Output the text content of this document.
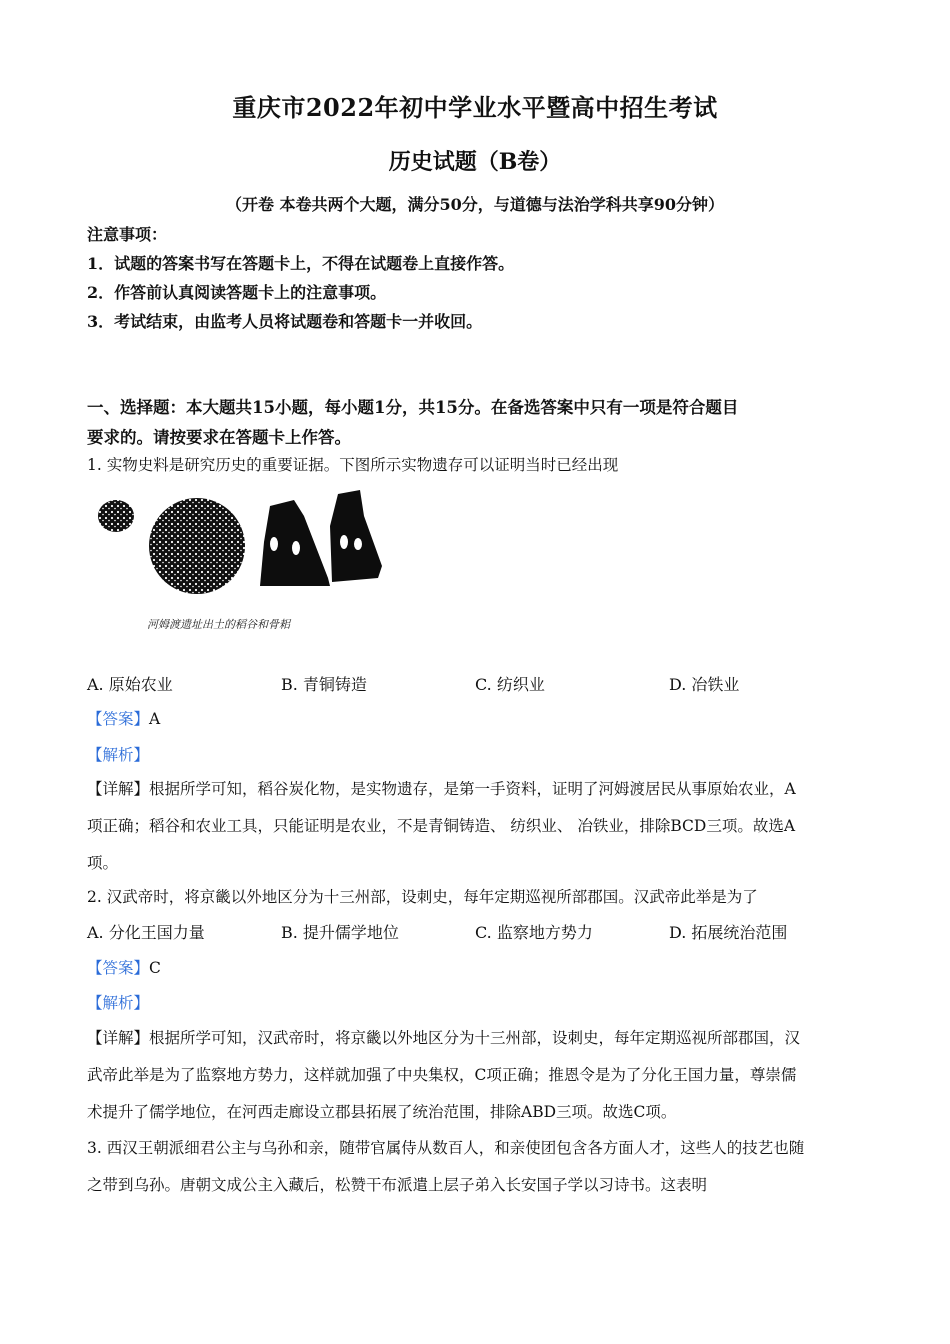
重庆市2022年初中学业水平暨高中招生考试
历史试题（B卷）
（开卷 本卷共两个大题，满分50分，与道德与法治学科共享90分钟）
注意事项：
1．试题的答案书写在答题卡上，不得在试题卷上直接作答。
2．作答前认真阅读答题卡上的注意事项。
3．考试结束，由监考人员将试题卷和答题卡一并收回。
一、选择题：本大题共15小题，每小题1分，共15分。在备选答案中只有一项是符合题目
要求的。请按要求在答题卡上作答。
1. 实物史料是研究历史的重要证据。下图所示实物遗存可以证明当时已经出现
河姆渡遗址出土的稻谷和骨耜
A. 原始农业	B. 青铜铸造	C. 纺织业	D. 冶铁业
【答案】A
【解析】
【详解】根据所学可知，稻谷炭化物，是实物遗存，是第一手资料，证明了河姆渡居民从事原始农业，A
项正确；稻谷和农业工具，只能证明是农业，不是青铜铸造、 纺织业、 冶铁业，排除BCD三项。故选A
项。
2. 汉武帝时，将京畿以外地区分为十三州部，设刺史，每年定期巡视所部郡国。汉武帝此举是为了
A. 分化王国力量	B. 提升儒学地位	C. 监察地方势力	D. 拓展统治范围
【答案】C
【解析】
【详解】根据所学可知，汉武帝时，将京畿以外地区分为十三州部，设刺史，每年定期巡视所部郡国，汉
武帝此举是为了监察地方势力，这样就加强了中央集权，C项正确；推恩令是为了分化王国力量，尊崇儒
术提升了儒学地位，在河西走廊设立郡县拓展了统治范围，排除ABD三项。故选C项。
3. 西汉王朝派细君公主与乌孙和亲，随带官属侍从数百人，和亲使团包含各方面人才，这些人的技艺也随
之带到乌孙。唐朝文成公主入藏后，松赞干布派遣上层子弟入长安国子学以习诗书。这表明
